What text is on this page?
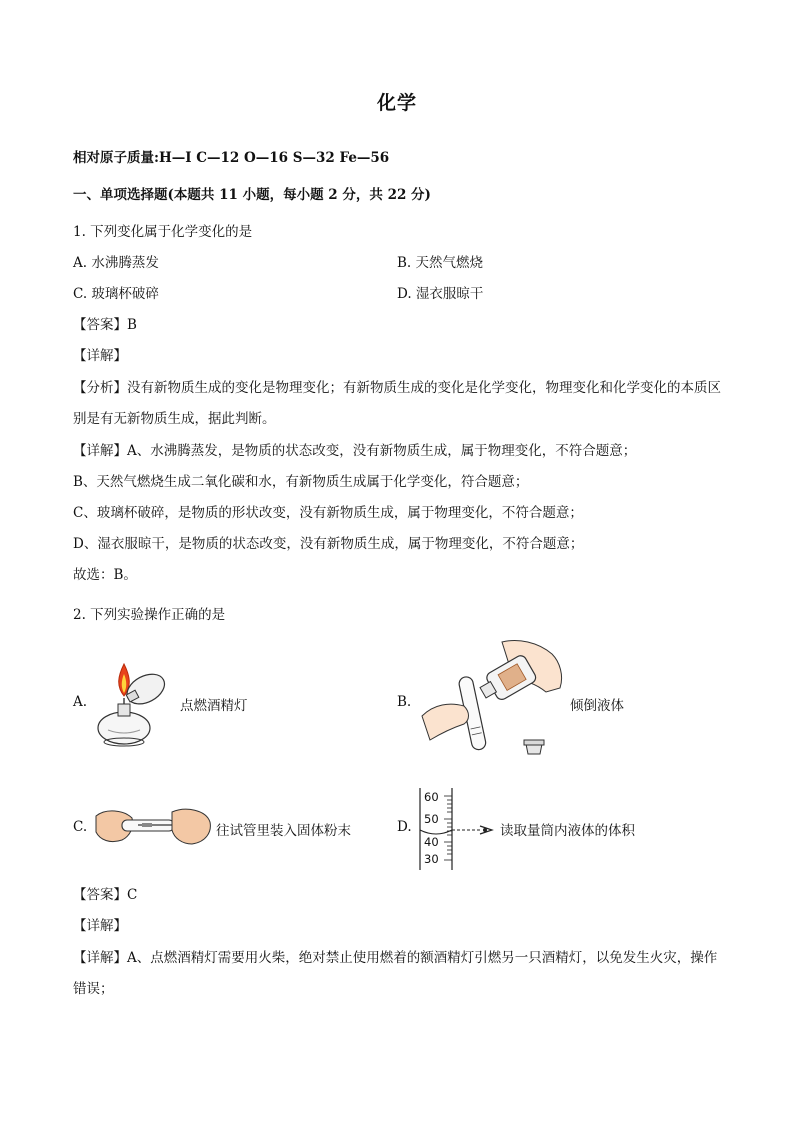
化学
相对原子质量:H—I C—12 O—16 S—32 Fe—56
一、单项选择题(本题共 11 小题，每小题 2 分，共 22 分)
1. 下列变化属于化学变化的是
A. 水沸腾蒸发	B. 天然气燃烧
C. 玻璃杯破碎	D. 湿衣服晾干
【答案】B
【详解】
【分析】没有新物质生成的变化是物理变化；有新物质生成的变化是化学变化，物理变化和化学变化的本质区别是有无新物质生成，据此判断。
【详解】A、水沸腾蒸发，是物质的状态改变，没有新物质生成，属于物理变化，不符合题意；
B、天然气燃烧生成二氧化碳和水，有新物质生成属于化学变化，符合题意；
C、玻璃杯破碎，是物质的形状改变，没有新物质生成，属于物理变化，不符合题意；
D、湿衣服晾干，是物质的状态改变，没有新物质生成，属于物理变化，不符合题意；
故选：B。
2. 下列实验操作正确的是
A.	点燃酒精灯	B.	倾倒液体
C.	往试管里装入固体粉末	D.
60
50
40
30
读取量筒内液体的体积
【答案】C
【详解】
【详解】A、点燃酒精灯需要用火柴，绝对禁止使用燃着的额酒精灯引燃另一只酒精灯，以免发生火灾，操作错误；
